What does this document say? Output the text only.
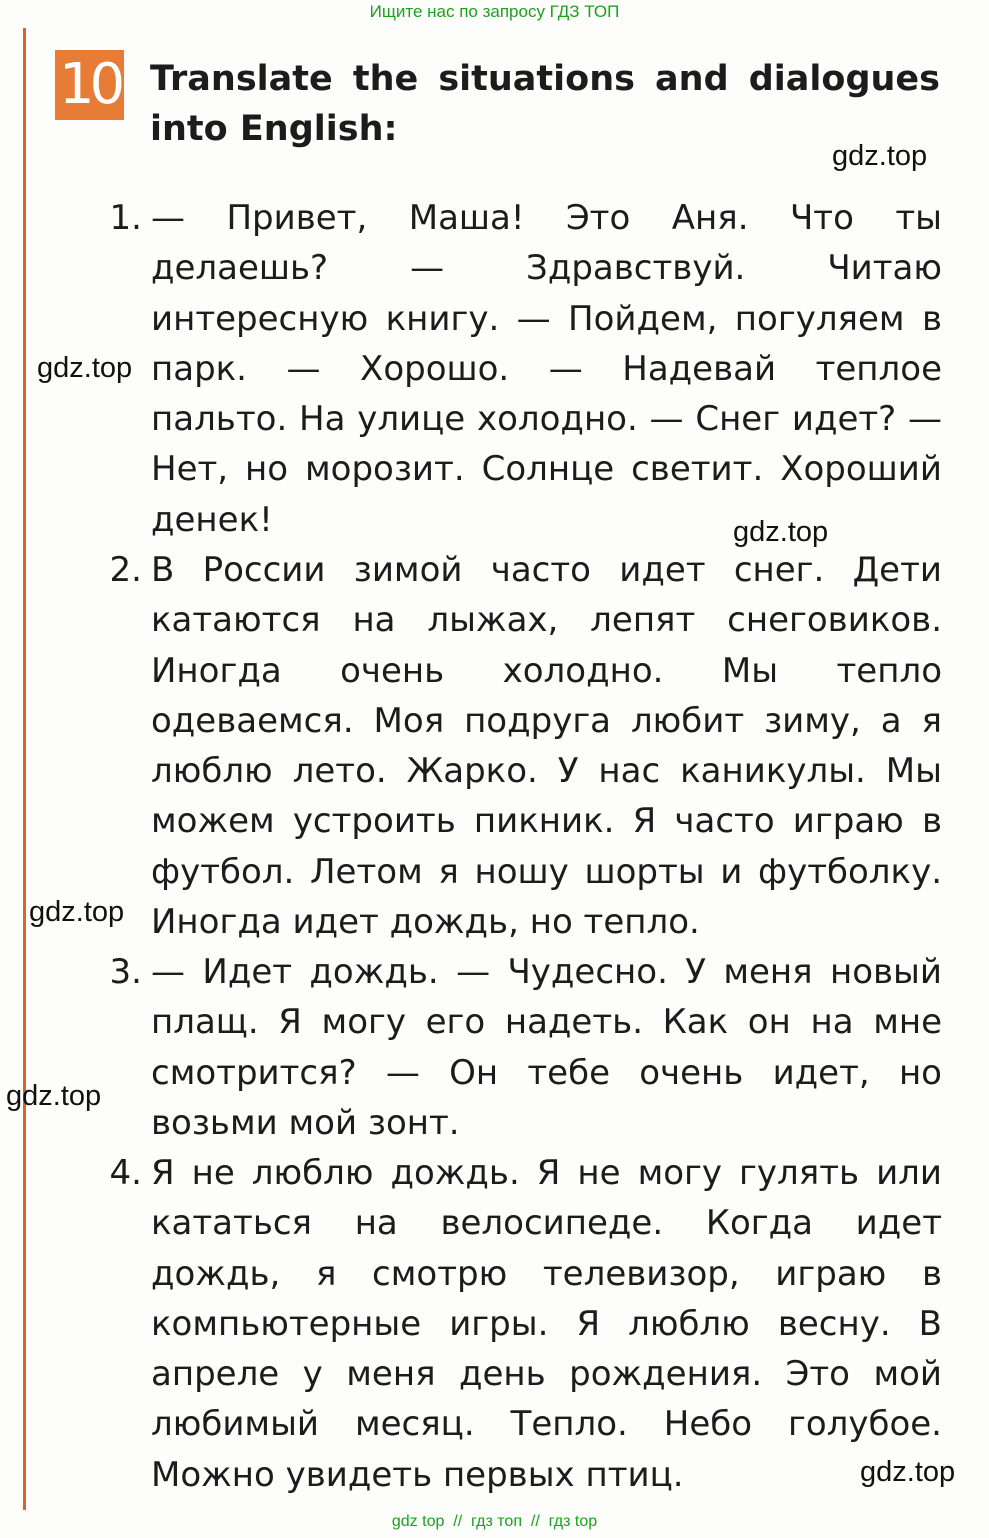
Ищите нас по запросу ГДЗ ТОП
10 Translate the situations and dialogues into English:
1. — Привет, Маша! Это Аня. Что ты делаешь? — Здравствуй. Читаю интересную книгу. — Пойдем, погуляем в парк. — Хорошо. — Надевай теплое пальто. На улице холодно. — Снег идет? — Нет, но морозит. Солнце светит. Хороший денек!
2. В России зимой часто идет снег. Дети катаются на лыжах, лепят снеговиков. Иногда очень холодно. Мы тепло одеваемся. Моя подруга любит зиму, а я люблю лето. Жарко. У нас каникулы. Мы можем устроить пикник. Я часто играю в футбол. Летом я ношу шорты и футболку. Иногда идет дождь, но тепло.
3. — Идет дождь. — Чудесно. У меня новый плащ. Я могу его надеть. Как он на мне смотрится? — Он тебе очень идет, но возьми мой зонт.
4. Я не люблю дождь. Я не могу гулять или кататься на велосипеде. Когда идет дождь, я смотрю телевизор, играю в компьютерные игры. Я люблю весну. В апреле у меня день рождения. Это мой любимый месяц. Тепло. Небо голубое. Можно увидеть первых птиц.
gdz.top
gdz.top
gdz.top
gdz.top
gdz.top
gdz.top
gdz top  //  гдз топ  //  гдз top
